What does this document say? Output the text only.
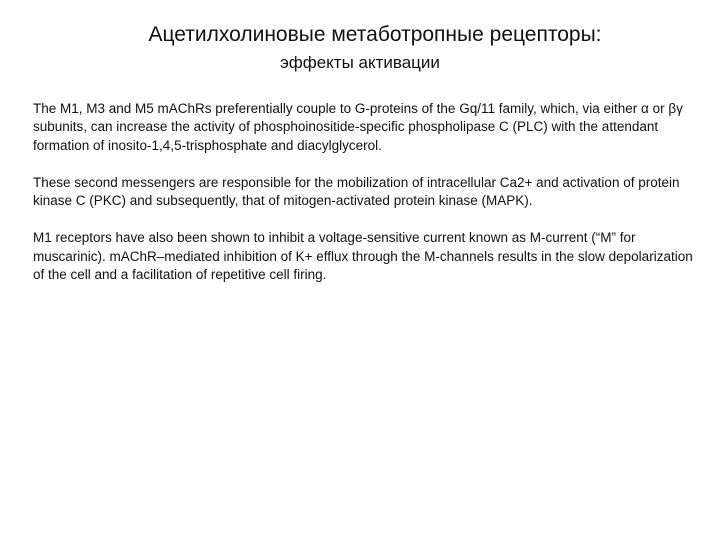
Ацетилхолиновые метаботропные рецепторы:
эффекты активации

The M1, M3 and M5 mAChRs preferentially couple to G-proteins of the Gq/11 family, which, via either α or βγ subunits, can increase the activity of phosphoinositide-specific phospholipase C (PLC) with the attendant formation of inosito-1,4,5-trisphosphate and diacylglycerol.

These second messengers are responsible for the mobilization of intracellular Ca2+ and activation of protein kinase C (PKC) and subsequently, that of mitogen-activated protein kinase (MAPK).

M1 receptors have also been shown to inhibit a voltage-sensitive current known as M-current (“M” for muscarinic). mAChR–mediated inhibition of K+ efflux through the M-channels results in the slow depolarization of the cell and a facilitation of repetitive cell firing.
